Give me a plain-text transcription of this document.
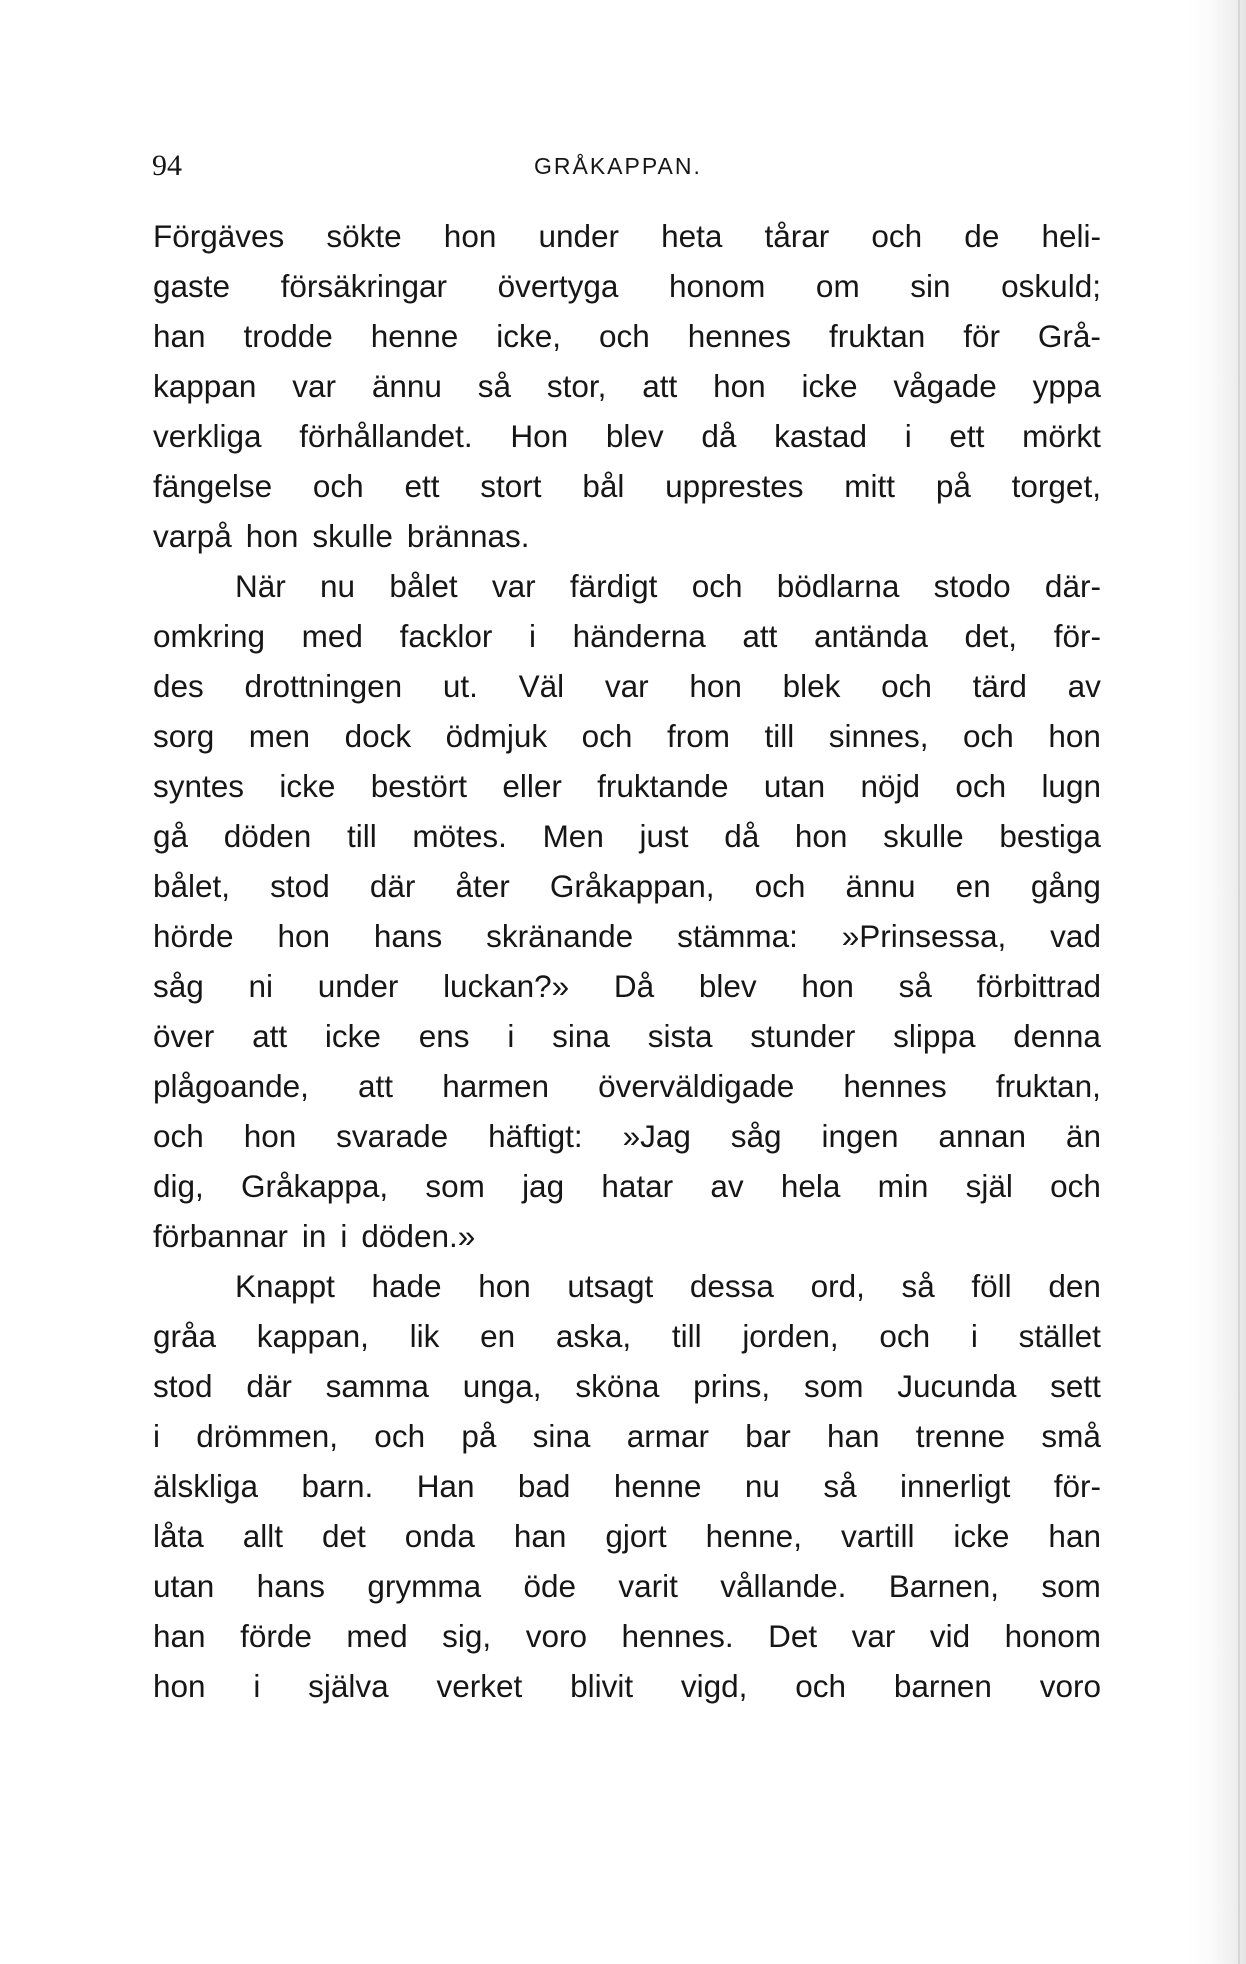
94	GRÅKAPPAN.
Förgäves sökte hon under heta tårar och de heli-
gaste försäkringar övertyga honom om sin oskuld;
han trodde henne icke, och hennes fruktan för Grå-
kappan var ännu så stor, att hon icke vågade yppa
verkliga förhållandet. Hon blev då kastad i ett mörkt
fängelse och ett stort bål upprestes mitt på torget,
varpå hon skulle brännas.
När nu bålet var färdigt och bödlarna stodo där-
omkring med facklor i händerna att antända det, för-
des drottningen ut. Väl var hon blek och tärd av
sorg men dock ödmjuk och from till sinnes, och hon
syntes icke bestört eller fruktande utan nöjd och lugn
gå döden till mötes. Men just då hon skulle bestiga
bålet, stod där åter Gråkappan, och ännu en gång
hörde hon hans skränande stämma: »Prinsessa, vad
såg ni under luckan?» Då blev hon så förbittrad
över att icke ens i sina sista stunder slippa denna
plågoande, att harmen överväldigade hennes fruktan,
och hon svarade häftigt: »Jag såg ingen annan än
dig, Gråkappa, som jag hatar av hela min själ och
förbannar in i döden.»
Knappt hade hon utsagt dessa ord, så föll den
gråa kappan, lik en aska, till jorden, och i stället
stod där samma unga, sköna prins, som Jucunda sett
i drömmen, och på sina armar bar han trenne små
älskliga barn. Han bad henne nu så innerligt för-
låta allt det onda han gjort henne, vartill icke han
utan hans grymma öde varit vållande. Barnen, som
han förde med sig, voro hennes. Det var vid honom
hon i själva verket blivit vigd, och barnen voro
